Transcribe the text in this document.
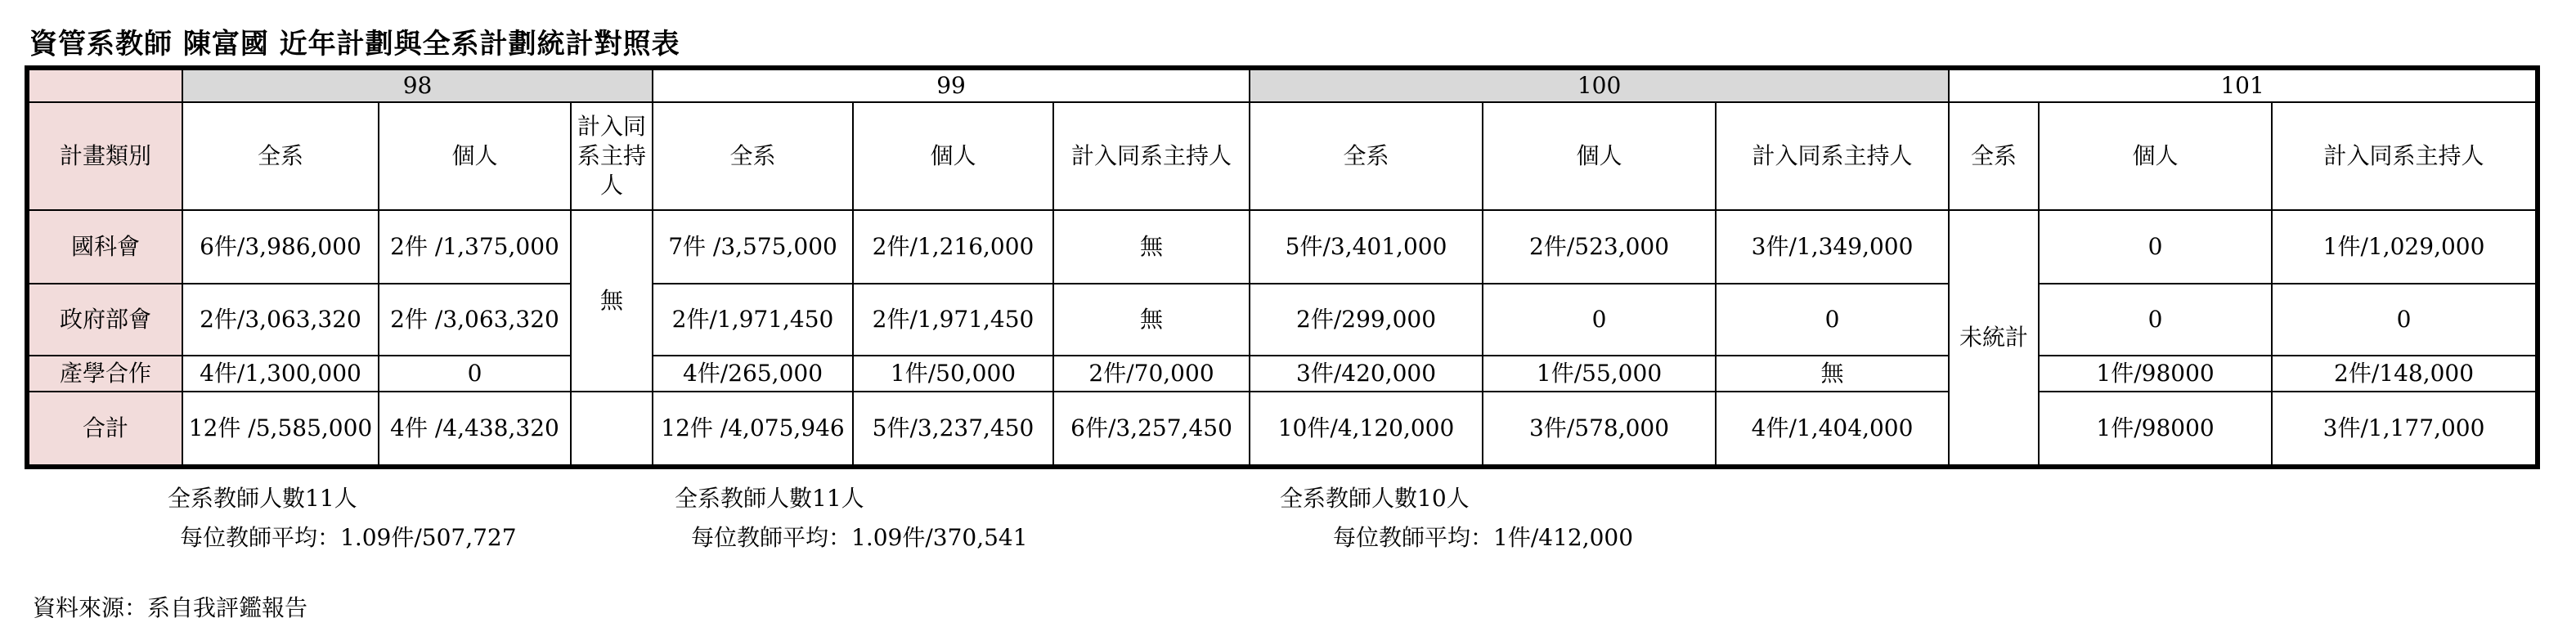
資管系教師 陳富國 近年計劃與全系計劃統計對照表
	98			99			100			101		
計畫類別	全系	個人	計入同系主持人	全系	個人	計入同系主持人	全系	個人	計入同系主持人	全系	個人	計入同系主持人
國科會	6件/3,986,000	2件 /1,375,000	無	7件 /3,575,000	2件/1,216,000	無	5件/3,401,000	2件/523,000	3件/1,349,000	未統計	0	1件/1,029,000
政府部會	2件/3,063,320	2件 /3,063,320		2件/1,971,450	2件/1,971,450	無	2件/299,000	0	0		0	0
產學合作	4件/1,300,000	0		4件/265,000	1件/50,000	2件/70,000	3件/420,000	1件/55,000	無		1件/98000	2件/148,000
合計	12件 /5,585,000	4件 /4,438,320		12件 /4,075,946	5件/3,237,450	6件/3,257,450	10件/4,120,000	3件/578,000	4件/1,404,000		1件/98000	3件/1,177,000
全系教師人數11人
每位教師平均：1.09件/507,727
全系教師人數11人
每位教師平均：1.09件/370,541
全系教師人數10人
每位教師平均：1件/412,000
資料來源：系自我評鑑報告
